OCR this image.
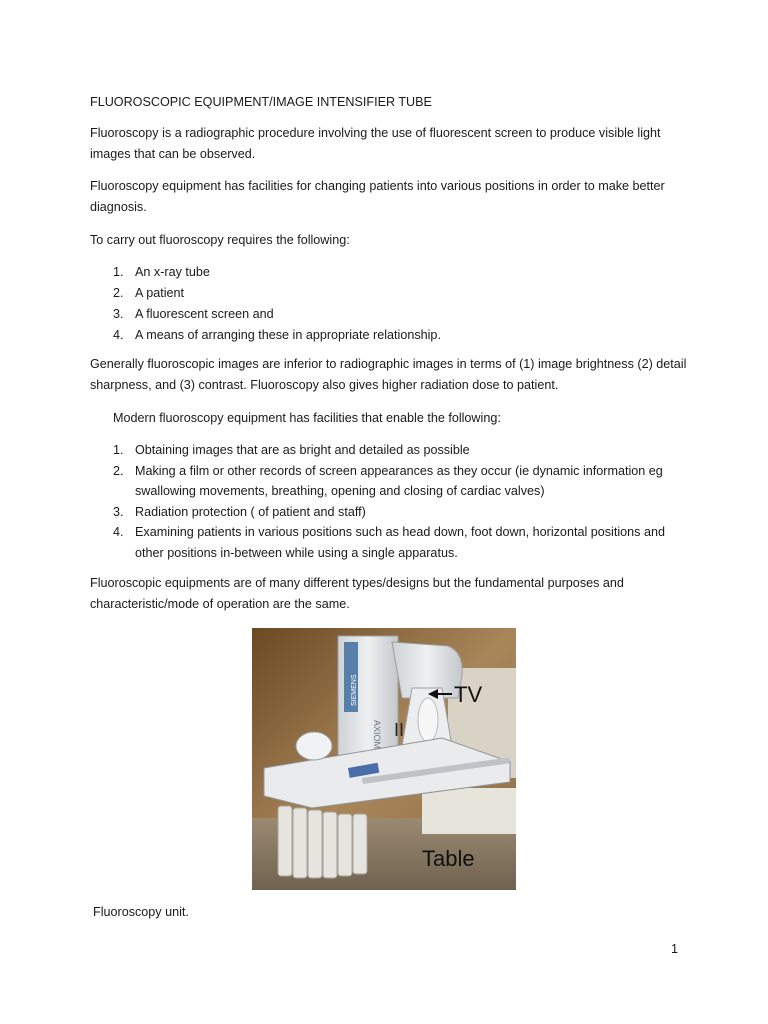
FLUOROSCOPIC EQUIPMENT/IMAGE INTENSIFIER TUBE
Fluoroscopy is a radiographic procedure involving the use of fluorescent screen to produce visible light images that can be observed.
Fluoroscopy equipment has facilities for changing patients into various positions in order to make better diagnosis.
To carry out fluoroscopy requires the following:
1. An x-ray tube
2. A patient
3. A fluorescent screen and
4. A means of arranging these in appropriate relationship.
Generally fluoroscopic images are inferior to radiographic images in terms of (1) image brightness (2) detail sharpness, and (3) contrast. Fluoroscopy also gives higher radiation dose to patient.
Modern fluoroscopy equipment has facilities that enable the following:
1. Obtaining images that are as bright and detailed as possible
2. Making a film or other records of screen appearances as they occur (ie dynamic information eg swallowing movements, breathing, opening and closing of cardiac valves)
3. Radiation protection ( of patient and staff)
4. Examining patients in various positions such as head down, foot down, horizontal positions and other positions in-between while using a single apparatus.
Fluoroscopic equipments are of many different types/designs but the fundamental purposes and characteristic/mode of operation are the same.
TV
II
Table
SIEMENS
AXIOM
Fluoroscopy unit.
1
